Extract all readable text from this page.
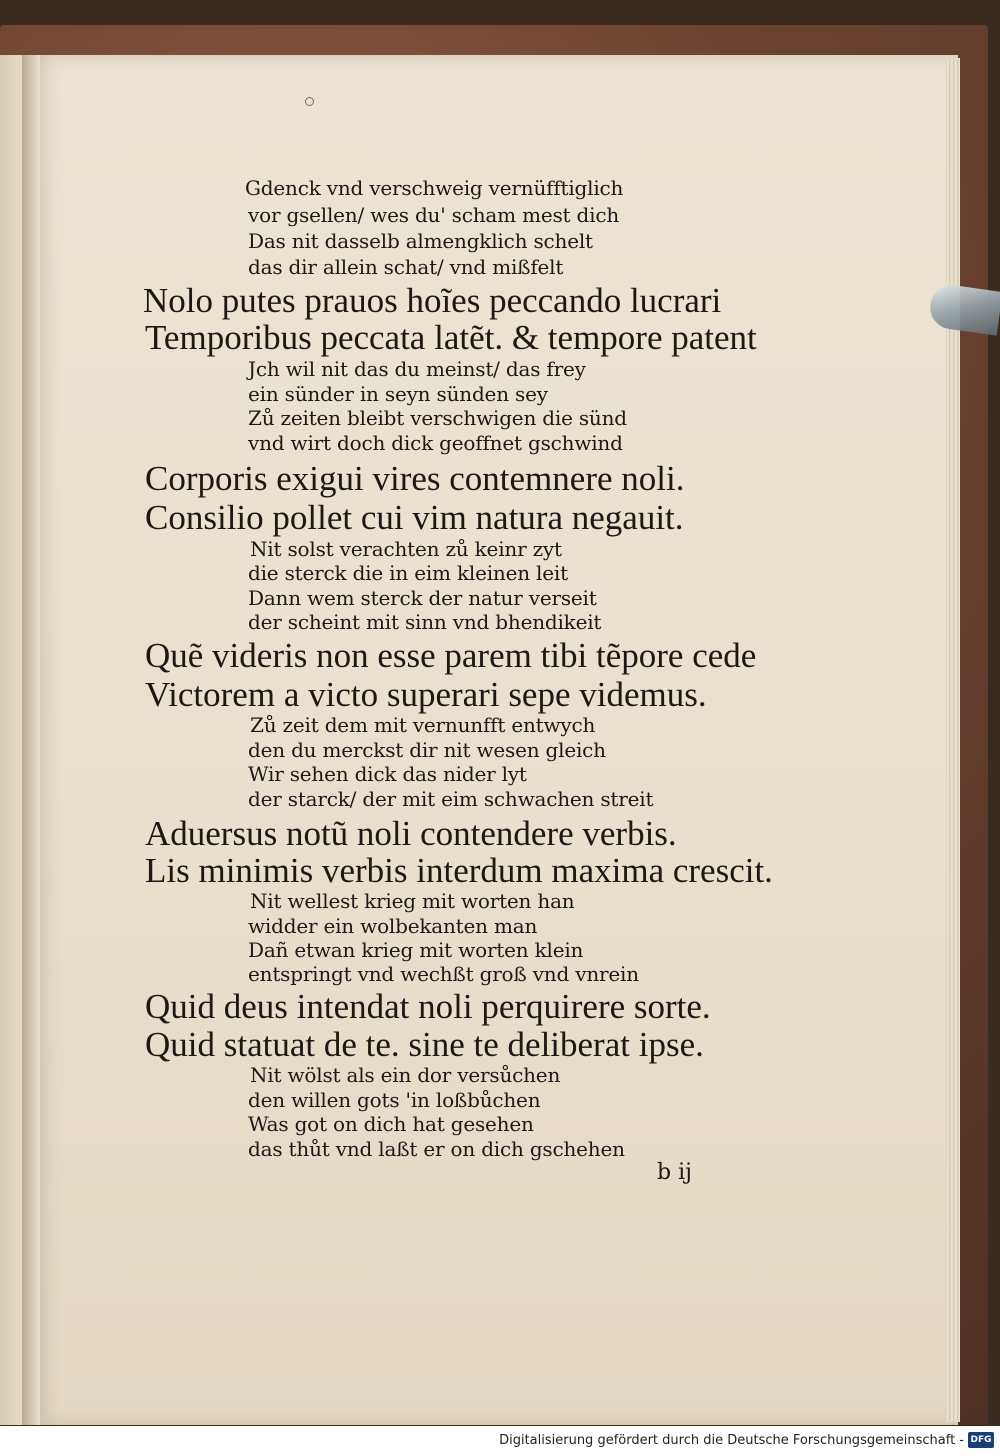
Gdenck vnd verschweig vernüfftiglich
vor gsellen/ wes du' scham mest dich
Das nit dasselb almengklich schelt
das dir allein schat/ vnd mißfelt
Nolo putes prauos hoĩes peccando lucrari
Temporibus peccata latẽt. & tempore patent
Jch wil nit das du meinst/ das frey
ein sünder in seyn sünden sey
Zů zeiten bleibt verschwigen die sünd
vnd wirt doch dick geoffnet gschwind
Corporis exigui vires contemnere noli.
Consilio pollet cui vim natura negauit.
Nit solst verachten zů keinr zyt
die sterck die in eim kleinen leit
Dann wem sterck der natur verseit
der scheint mit sinn vnd bhendikeit
Quẽ videris non esse parem tibi tẽpore cede
Victorem a victo superari sepe videmus.
Zů zeit dem mit vernunfft entwych
den du merckst dir nit wesen gleich
Wir sehen dick das nider lyt
der starck/ der mit eim schwachen streit
Aduersus notũ noli contendere verbis.
Lis minimis verbis interdum maxima crescit.
Nit wellest krieg mit worten han
widder ein wolbekanten man
Dañ etwan krieg mit worten klein
entspringt vnd wechßt groß vnd vnrein
Quid deus intendat noli perquirere sorte.
Quid statuat de te. sine te deliberat ipse.
Nit wölst als ein dor versůchen
den willen gots 'in loßbůchen
Was got on dich hat gesehen
das thůt vnd laßt er on dich gschehen
b ij
Digitalisierung gefördert durch die Deutsche Forschungsgemeinschaft - DFG
